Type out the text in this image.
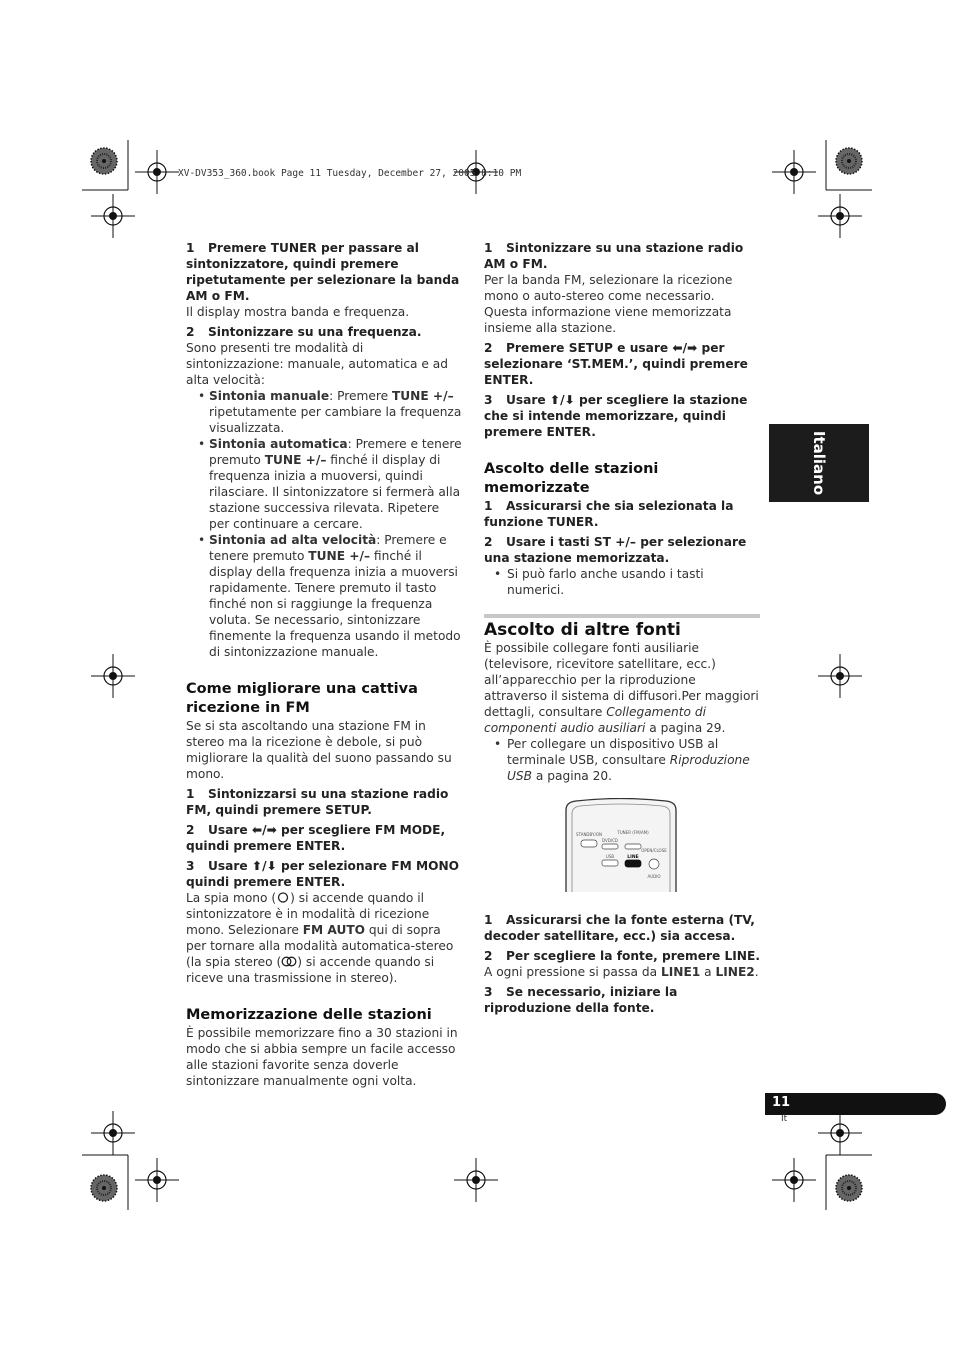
XV-DV353_360.book Page 11 Tuesday, December 27, 2005 8:10 PM
Italiano

1 Premere TUNER per passare al sintonizzatore, quindi premere ripetutamente per selezionare la banda AM o FM.

Il display mostra banda e frequenza.

2 Sintonizzare su una frequenza.

Sono presenti tre modalità di sintonizzazione: manuale, automatica e ad alta velocità:

• Sintonia manuale: Premere TUNE +/– ripetutamente per cambiare la frequenza visualizzata.
• Sintonia automatica: Premere e tenere premuto TUNE +/– finché il display di frequenza inizia a muoversi, quindi rilasciare. Il sintonizzatore si fermerà alla stazione successiva rilevata. Ripetere per continuare a cercare.
• Sintonia ad alta velocità: Premere e tenere premuto TUNE +/– finché il display della frequenza inizia a muoversi rapidamente. Tenere premuto il tasto finché non si raggiunge la frequenza voluta. Se necessario, sintonizzare finemente la frequenza usando il metodo di sintonizzazione manuale.
Come migliorare una cattiva ricezione in FM

Se si sta ascoltando una stazione FM in stereo ma la ricezione è debole, si può migliorare la qualità del suono passando su mono.

1 Sintonizzarsi su una stazione radio FM, quindi premere SETUP.

2 Usare ⬅/➡ per scegliere FM MODE, quindi premere ENTER.

3 Usare ⬆/⬇ per selezionare FM MONO quindi premere ENTER.

La spia mono ( ) si accende quando il sintonizzatore è in modalità di ricezione mono. Selezionare FM AUTO qui di sopra per tornare alla modalità automatica-stereo (la spia stereo ( ) si accende quando si riceve una trasmissione in stereo).

Memorizzazione delle stazioni

È possibile memorizzare fino a 30 stazioni in modo che si abbia sempre un facile accesso alle stazioni favorite senza doverle sintonizzare manualmente ogni volta.

1 Sintonizzare su una stazione radio AM o FM.

Per la banda FM, selezionare la ricezione mono o auto-stereo come necessario. Questa informazione viene memorizzata insieme alla stazione.

2 Premere SETUP e usare ⬅/➡ per selezionare ‘ST.MEM.’, quindi premere ENTER.

3 Usare ⬆/⬇ per scegliere la stazione che si intende memorizzare, quindi premere ENTER.

Ascolto delle stazioni memorizzate

1 Assicurarsi che sia selezionata la funzione TUNER.

2 Usare i tasti ST +/– per selezionare una stazione memorizzata.

• Si può farlo anche usando i tasti numerici.
Ascolto di altre fonti

È possibile collegare fonti ausiliarie (televisore, ricevitore satellitare, ecc.) all’apparecchio per la riproduzione attraverso il sistema di diffusori.Per maggiori dettagli, consultare Collegamento di componenti audio ausiliari a pagina 29.

• Per collegare un dispositivo USB al terminale USB, consultare Riproduzione USB a pagina 20.
STANDBY/ON
DVD/CD
TUNER (FM/AM)
USB	LINE
OPEN/CLOSE
AUDIO

1 Assicurarsi che la fonte esterna (TV, decoder satellitare, ecc.) sia accesa.

2 Per scegliere la fonte, premere LINE.

A ogni pressione si passa da LINE1 a LINE2.

3 Se necessario, iniziare la riproduzione della fonte.

11
It
